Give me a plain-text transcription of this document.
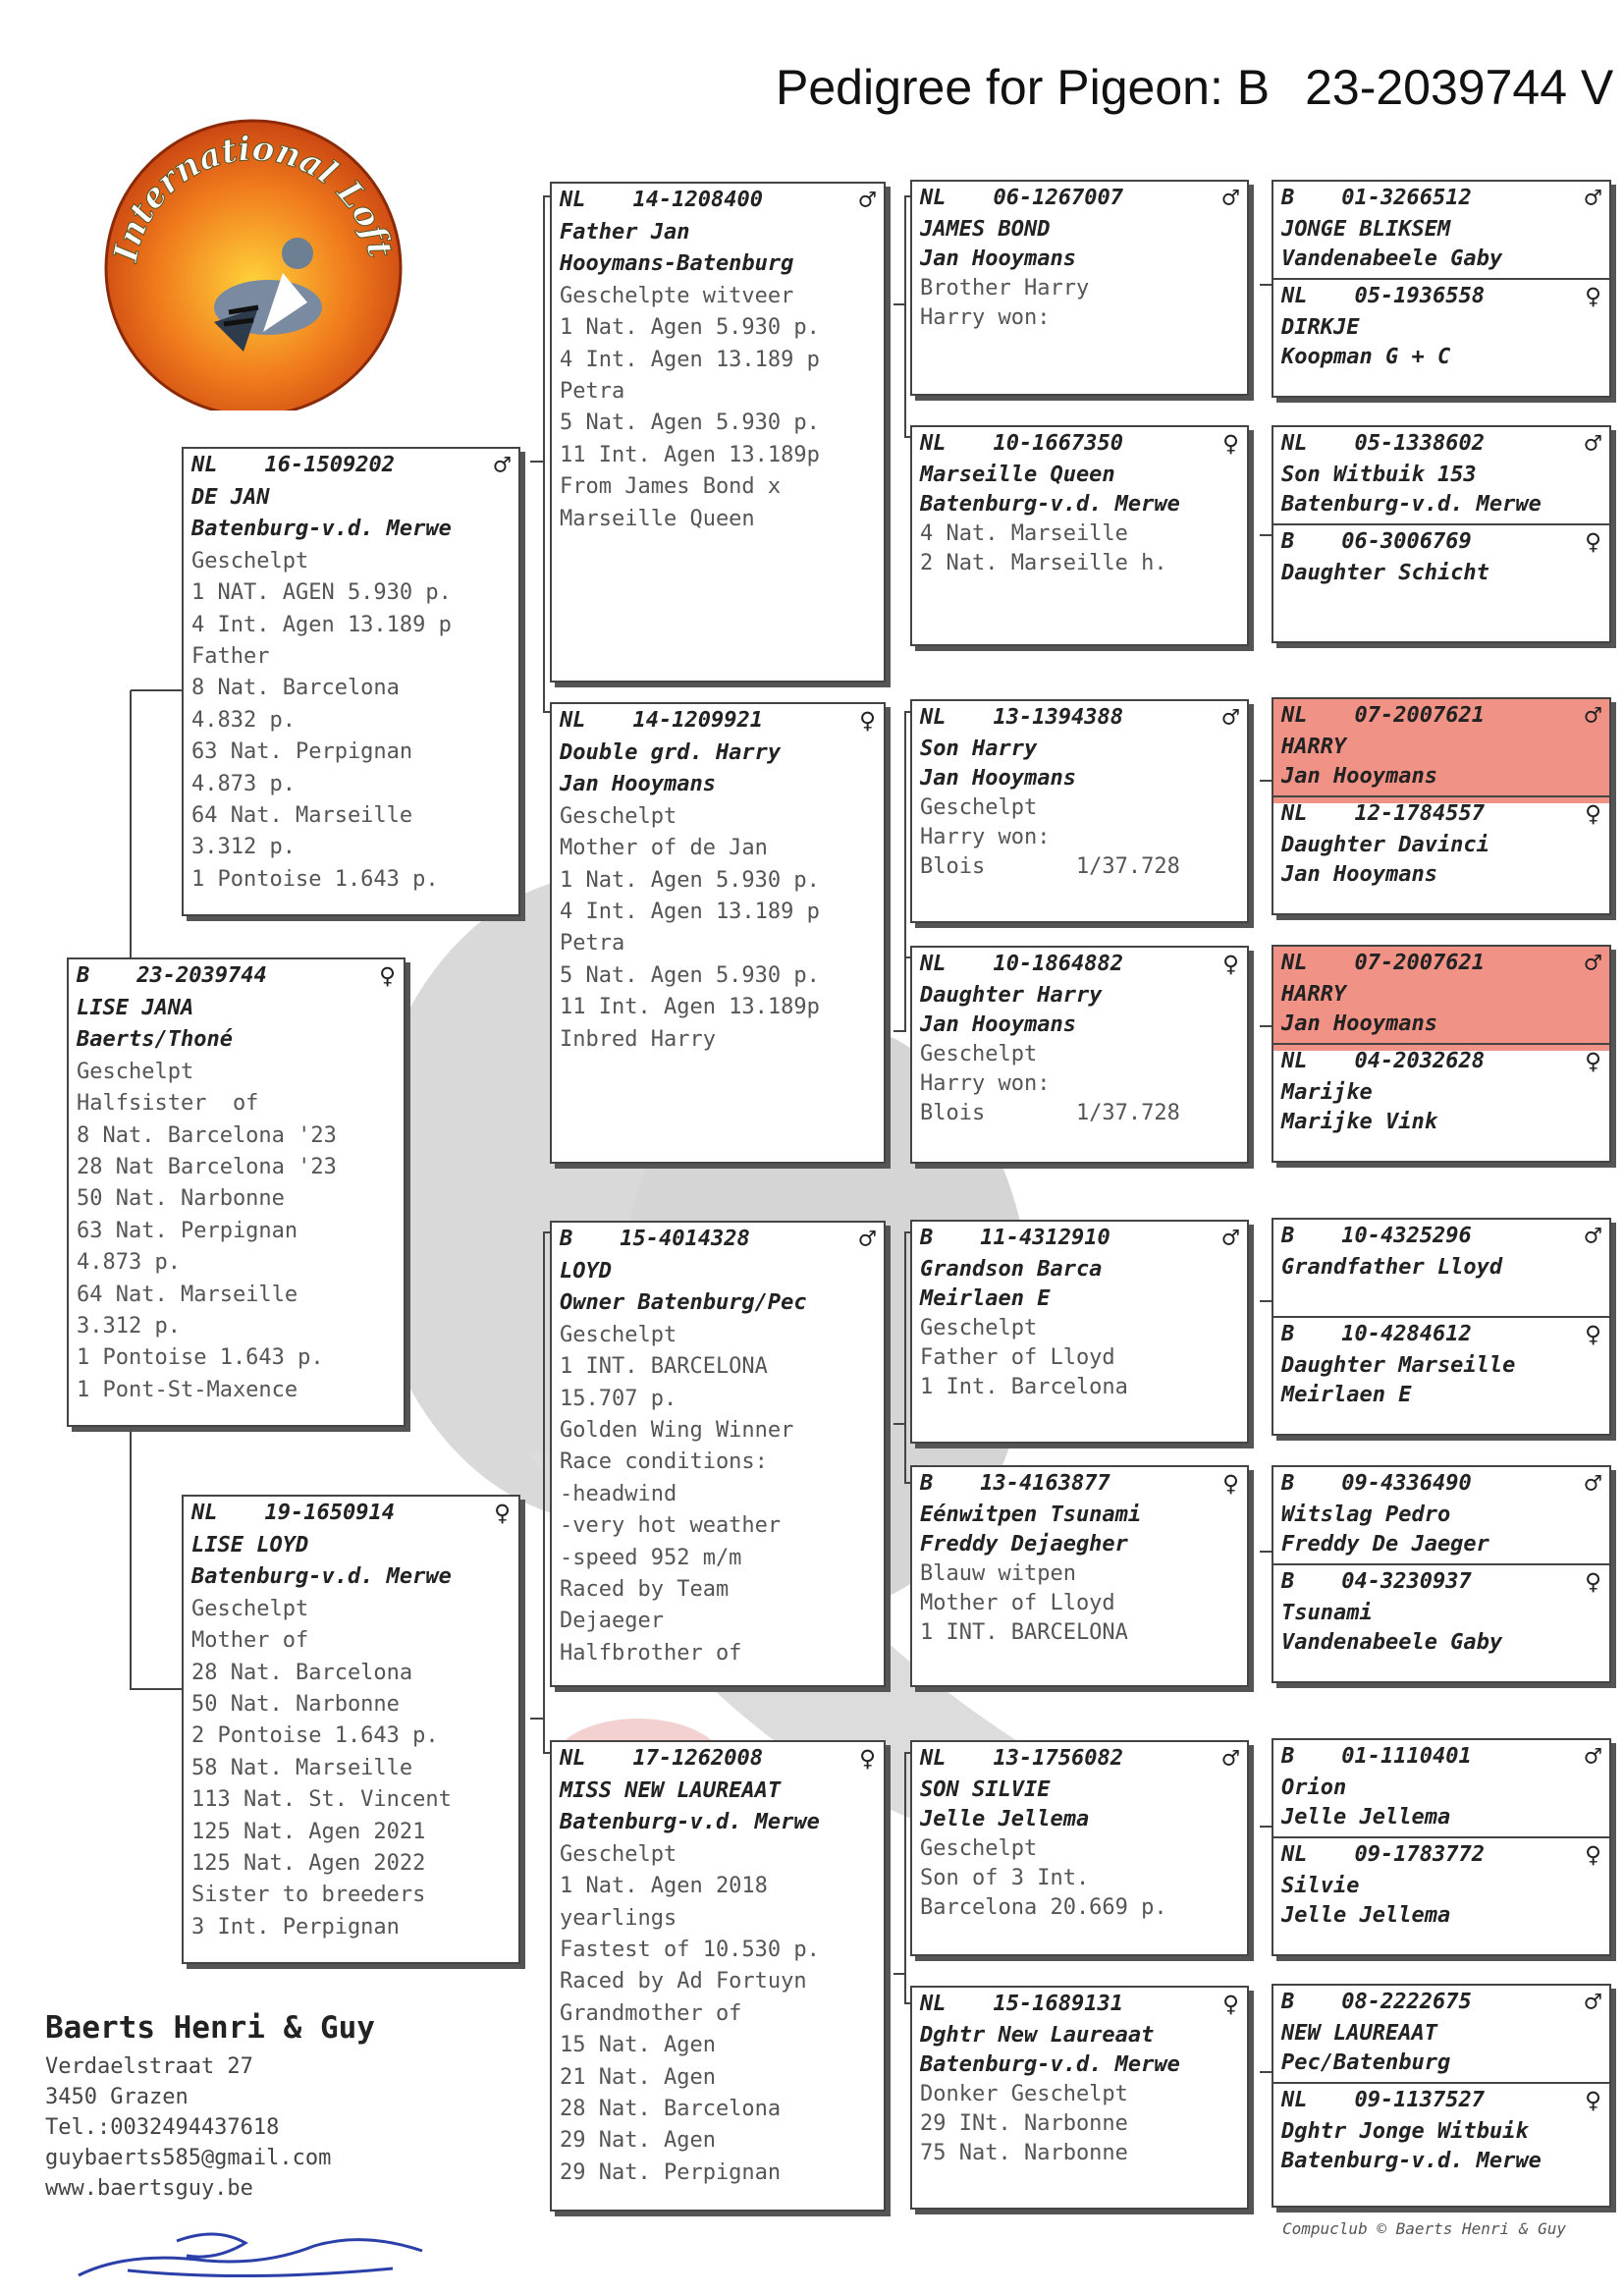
Pedigree for Pigeon: B 23-2039744 V
International Loft
B 23-2039744	♀
LISE JANA
Baerts/Thoné
Geschelpt
Halfsister  of
8 Nat. Barcelona '23
28 Nat Barcelona '23
50 Nat. Narbonne
63 Nat. Perpignan
4.873 p.
64 Nat. Marseille
3.312 p.
1 Pontoise 1.643 p.
1 Pont-St-Maxence
NL 16-1509202	♂
DE JAN
Batenburg-v.d. Merwe
Geschelpt
1 NAT. AGEN 5.930 p.
4 Int. Agen 13.189 p
Father
8 Nat. Barcelona
4.832 p.
63 Nat. Perpignan
4.873 p.
64 Nat. Marseille
3.312 p.
1 Pontoise 1.643 p.
NL 19-1650914	♀
LISE LOYD
Batenburg-v.d. Merwe
Geschelpt
Mother of
28 Nat. Barcelona
50 Nat. Narbonne
2 Pontoise 1.643 p.
58 Nat. Marseille
113 Nat. St. Vincent
125 Nat. Agen 2021
125 Nat. Agen 2022
Sister to breeders
3 Int. Perpignan
NL 14-1208400	♂
Father Jan
Hooymans-Batenburg
Geschelpte witveer
1 Nat. Agen 5.930 p.
4 Int. Agen 13.189 p
Petra
5 Nat. Agen 5.930 p.
11 Int. Agen 13.189p
From James Bond x
Marseille Queen
NL 14-1209921	♀
Double grd. Harry
Jan Hooymans
Geschelpt
Mother of de Jan
1 Nat. Agen 5.930 p.
4 Int. Agen 13.189 p
Petra
5 Nat. Agen 5.930 p.
11 Int. Agen 13.189p
Inbred Harry
B 15-4014328	♂
LOYD
Owner Batenburg/Pec
Geschelpt
1 INT. BARCELONA
15.707 p.
Golden Wing Winner
Race conditions:
-headwind
-very hot weather
-speed 952 m/m
Raced by Team
Dejaeger
Halfbrother of
NL 17-1262008	♀
MISS NEW LAUREAAT
Batenburg-v.d. Merwe
Geschelpt
1 Nat. Agen 2018
yearlings
Fastest of 10.530 p.
Raced by Ad Fortuyn
Grandmother of
15 Nat. Agen
21 Nat. Agen
28 Nat. Barcelona
29 Nat. Agen
29 Nat. Perpignan
NL 06-1267007	♂
JAMES BOND
Jan Hooymans
Brother Harry
Harry won:
NL 10-1667350	♀
Marseille Queen
Batenburg-v.d. Merwe
4 Nat. Marseille
2 Nat. Marseille h.
NL 13-1394388	♂
Son Harry
Jan Hooymans
Geschelpt
Harry won:
Blois       1/37.728
NL 10-1864882	♀
Daughter Harry
Jan Hooymans
Geschelpt
Harry won:
Blois       1/37.728
B 11-4312910	♂
Grandson Barca
Meirlaen E
Geschelpt
Father of Lloyd
1 Int. Barcelona
B 13-4163877	♀
Eénwitpen Tsunami
Freddy Dejaegher
Blauw witpen
Mother of Lloyd
1 INT. BARCELONA
NL 13-1756082	♂
SON SILVIE
Jelle Jellema
Geschelpt
Son of 3 Int.
Barcelona 20.669 p.
NL 15-1689131	♀
Dghtr New Laureaat
Batenburg-v.d. Merwe
Donker Geschelpt
29 INt. Narbonne
75 Nat. Narbonne
B 01-3266512	♂
JONGE BLIKSEM
Vandenabeele Gaby
NL 05-1936558	♀
DIRKJE
Koopman G + C
NL 05-1338602	♂
Son Witbuik 153
Batenburg-v.d. Merwe
B 06-3006769	♀
Daughter Schicht
NL 07-2007621	♂
HARRY
Jan Hooymans
NL 12-1784557	♀
Daughter Davinci
Jan Hooymans
NL 07-2007621	♂
HARRY
Jan Hooymans
NL 04-2032628	♀
Marijke
Marijke Vink
B 10-4325296	♂
Grandfather Lloyd

B 10-4284612	♀
Daughter Marseille
Meirlaen E
B 09-4336490	♂
Witslag Pedro
Freddy De Jaeger
B 04-3230937	♀
Tsunami
Vandenabeele Gaby
B 01-1110401	♂
Orion
Jelle Jellema
NL 09-1783772	♀
Silvie
Jelle Jellema
B 08-2222675	♂
NEW LAUREAAT
Pec/Batenburg
NL 09-1137527	♀
Dghtr Jonge Witbuik
Batenburg-v.d. Merwe
Baerts Henri & Guy
Verdaelstraat 27
3450 Grazen
Tel.:0032494437618
guybaerts585@gmail.com
www.baertsguy.be
Compuclub © Baerts Henri & Guy
